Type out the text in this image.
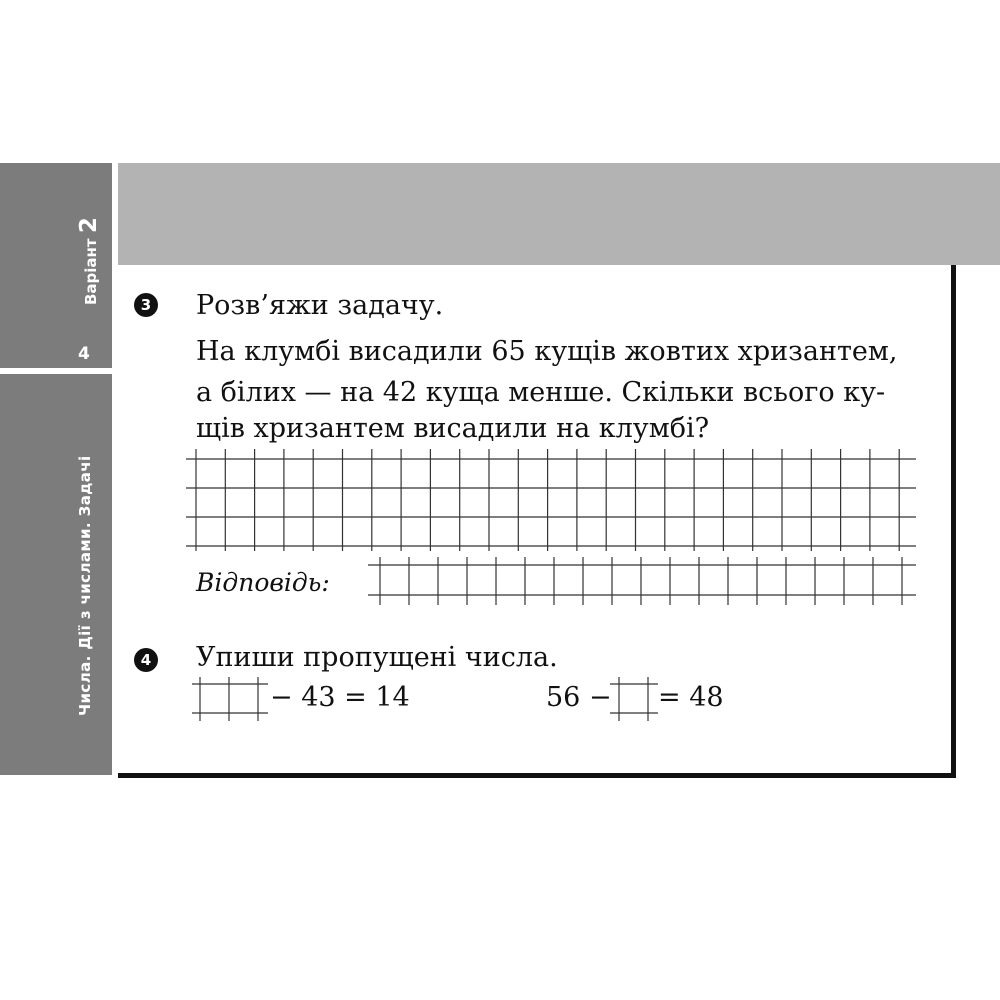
Варіант 2
4
Числа. Дії з числами. Задачі
3 Розв’яжи задачу.
На клумбі висадили 65 кущів жовтих хризантем,
а білих — на 42 куща менше. Скільки всього ку-
щів хризантем висадили на клумбі?
Відповідь:
4 Упиши пропущені числа.
− 43 = 14	56 − = 48
